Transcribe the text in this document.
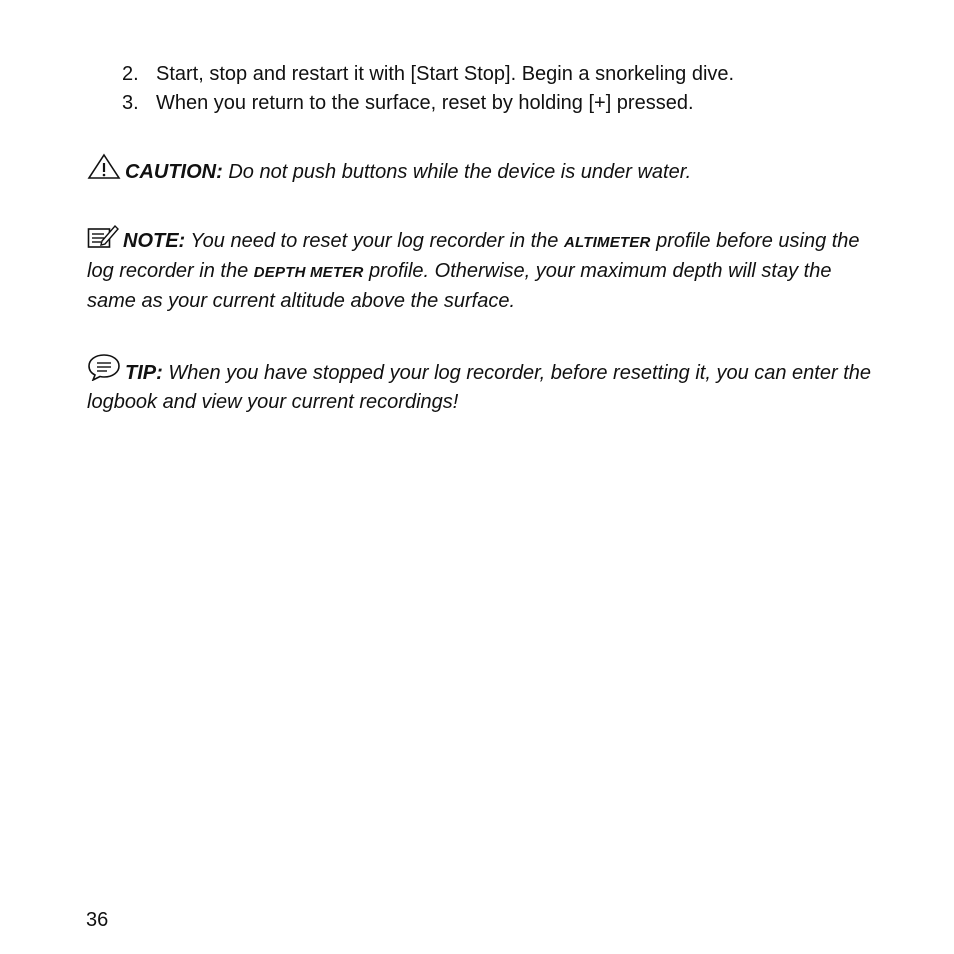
2. Start, stop and restart it with [Start Stop]. Begin a snorkeling dive.
3. When you return to the surface, reset by holding [+] pressed.

CAUTION: Do not push buttons while the device is under water.

NOTE: You need to reset your log recorder in the ALTIMETER profile before using the log recorder in the DEPTH METER profile. Otherwise, your maximum depth will stay the same as your current altitude above the surface.

TIP: When you have stopped your log recorder, before resetting it, you can enter the logbook and view your current recordings!

36
